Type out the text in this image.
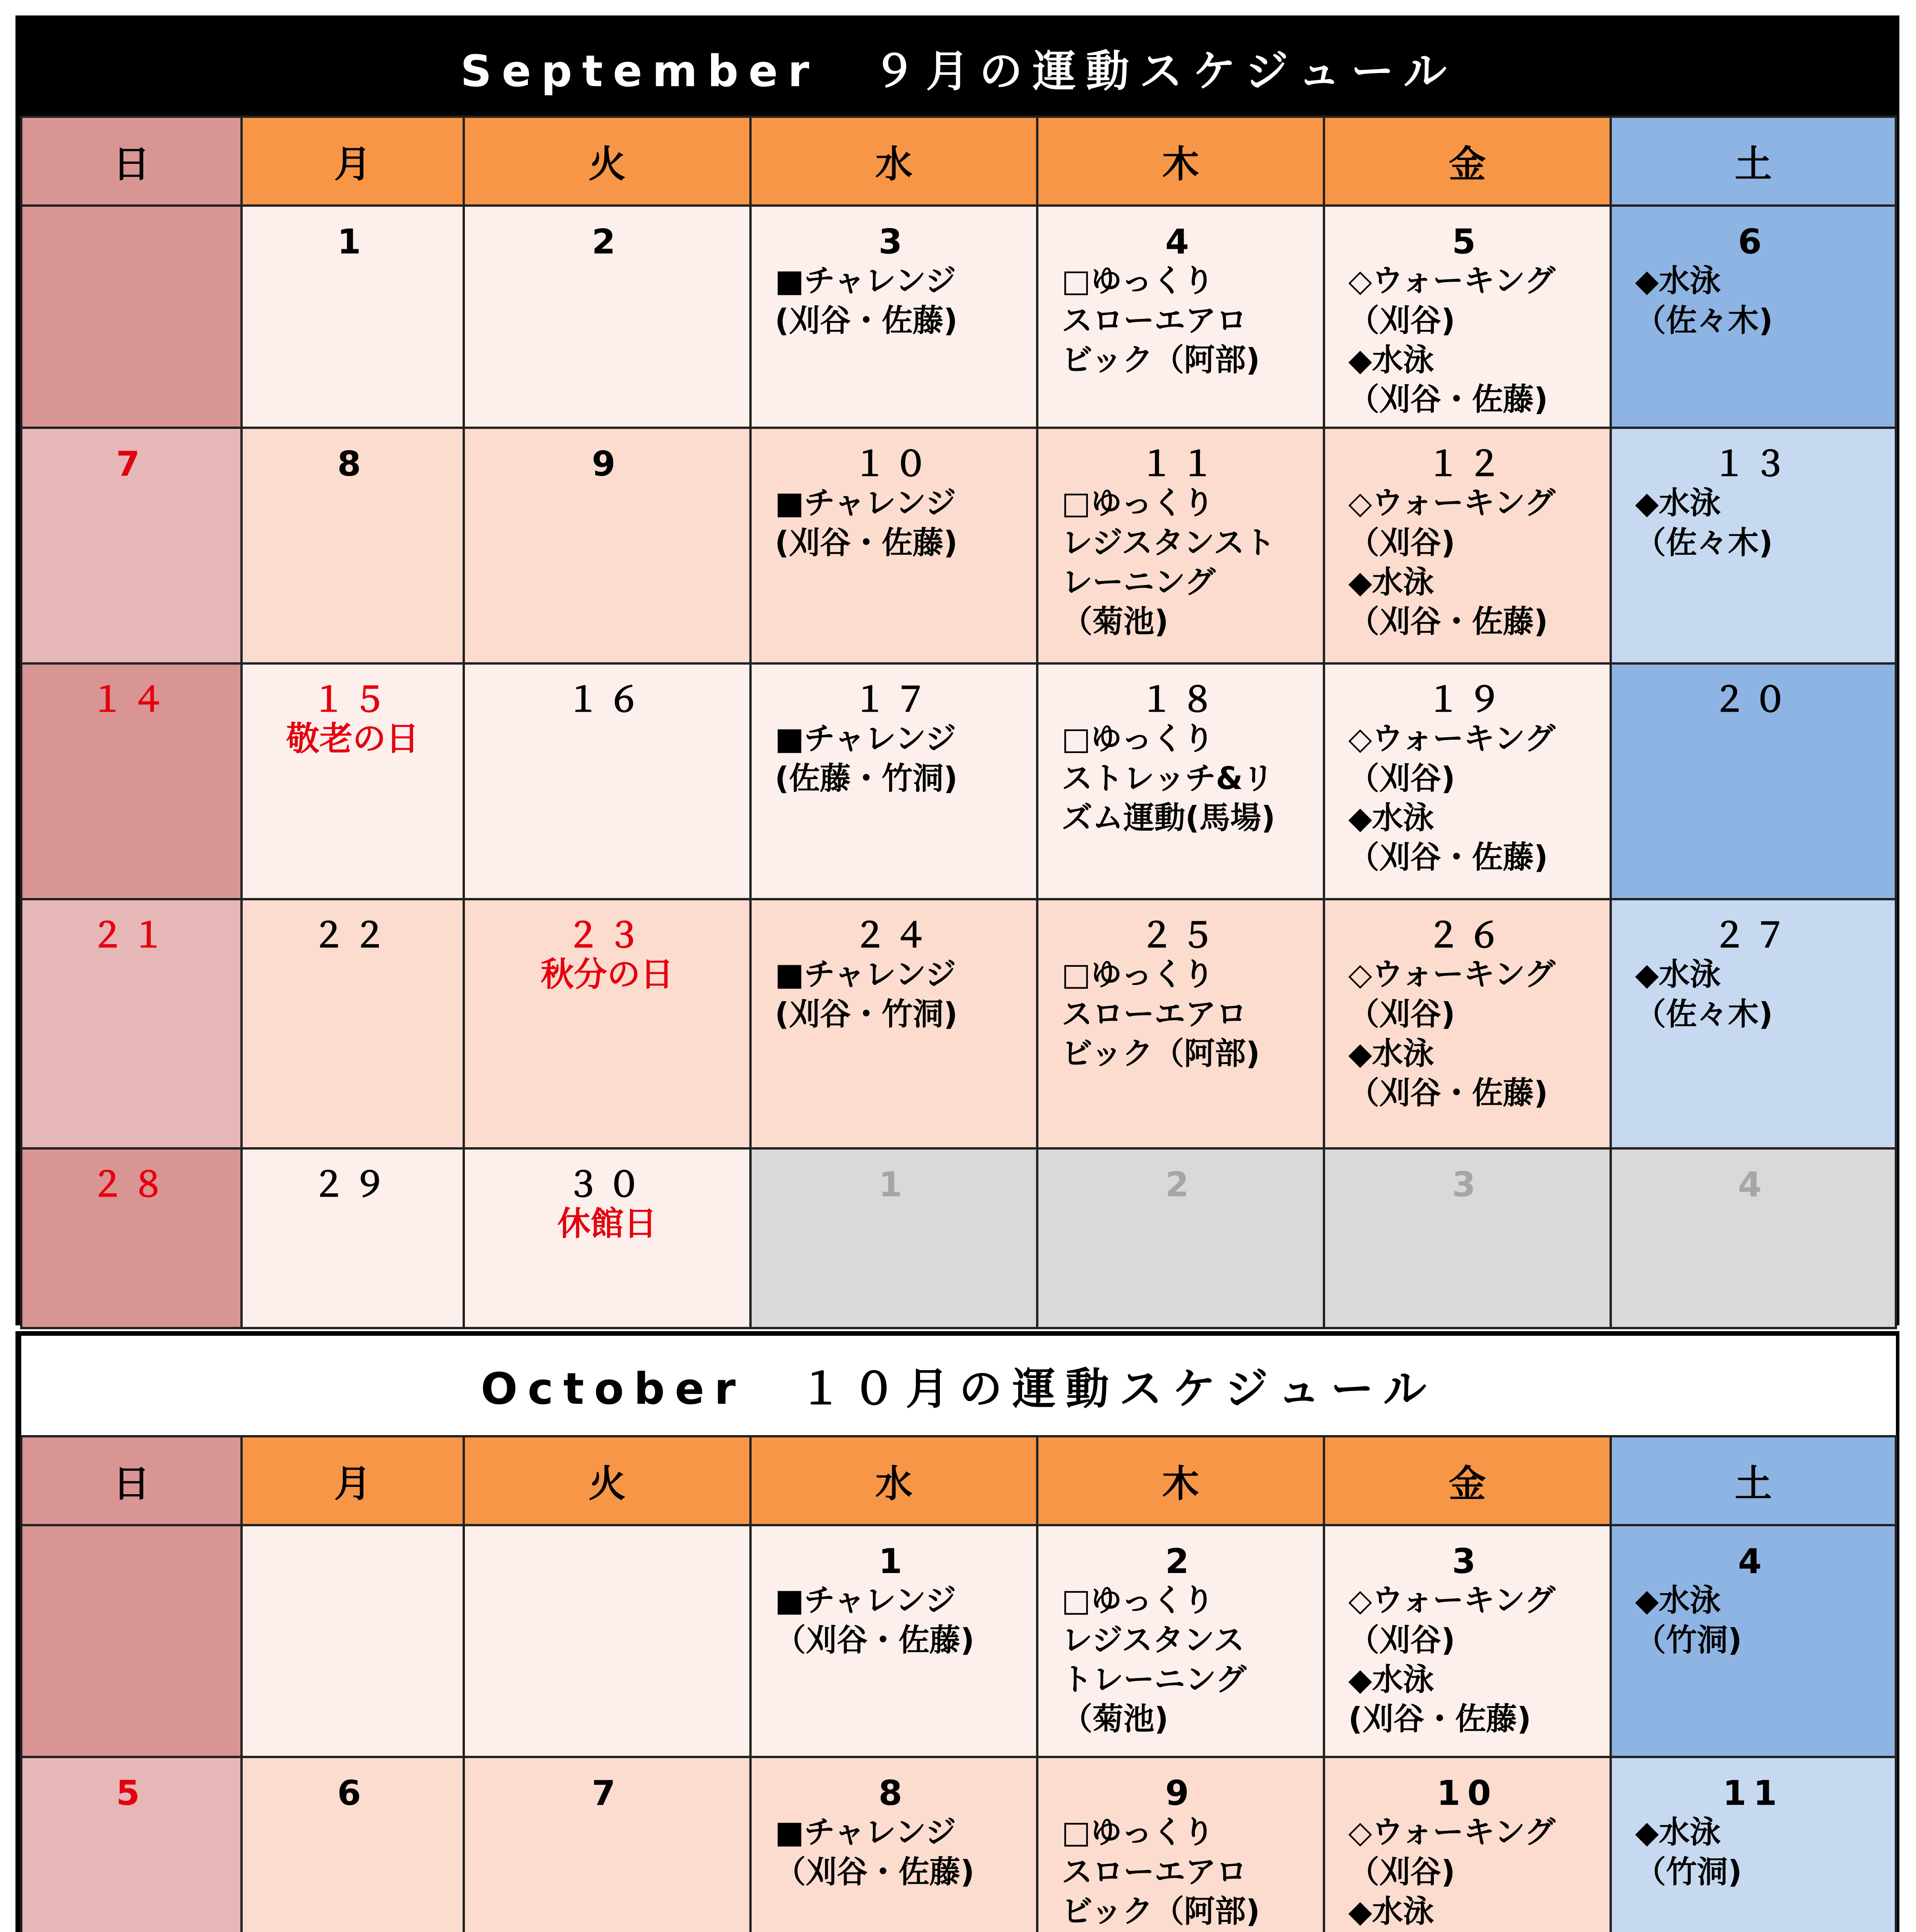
September　９月の運動スケジュール						
日	月	火	水	木	金	土

	1	2	3
■チャレンジ
(刈谷・佐藤)	4
□ゆっくり
スローエアロ
ビック（阿部)	5
◇ウォーキング
（刈谷)
◆水泳
（刈谷・佐藤)	6
◆水泳
（佐々木)

7	8	9	１０
■チャレンジ
(刈谷・佐藤)	１１
□ゆっくり
レジスタンスト
レーニング
（菊池)	１２
◇ウォーキング
（刈谷)
◆水泳
（刈谷・佐藤)	１３
◆水泳
（佐々木)

１４	１５
敬老の日	１６	１７
■チャレンジ
(佐藤・竹洞)	１８
□ゆっくり
ストレッチ&リ
ズム運動(馬場)	１９
◇ウォーキング
（刈谷)
◆水泳
（刈谷・佐藤)	２０

２１	２２	２３
秋分の日	２４
■チャレンジ
(刈谷・竹洞)	２５
□ゆっくり
スローエアロ
ビック（阿部)	２６
◇ウォーキング
（刈谷)
◆水泳
（刈谷・佐藤)	２７
◆水泳
（佐々木)

２８	２９	３０
休館日	1	2	3	4
October　１０月の運動スケジュール						
日	月	火	水	木	金	土

			1
■チャレンジ
（刈谷・佐藤)	2
□ゆっくり
レジスタンス
トレーニング
（菊池)	3
◇ウォーキング
（刈谷)
◆水泳
(刈谷・佐藤)	4
◆水泳
（竹洞)

5	6	7	8
■チャレンジ
（刈谷・佐藤)	9
□ゆっくり
スローエアロ
ビック（阿部)	10
◇ウォーキング
（刈谷)
◆水泳	11
◆水泳
（竹洞)
